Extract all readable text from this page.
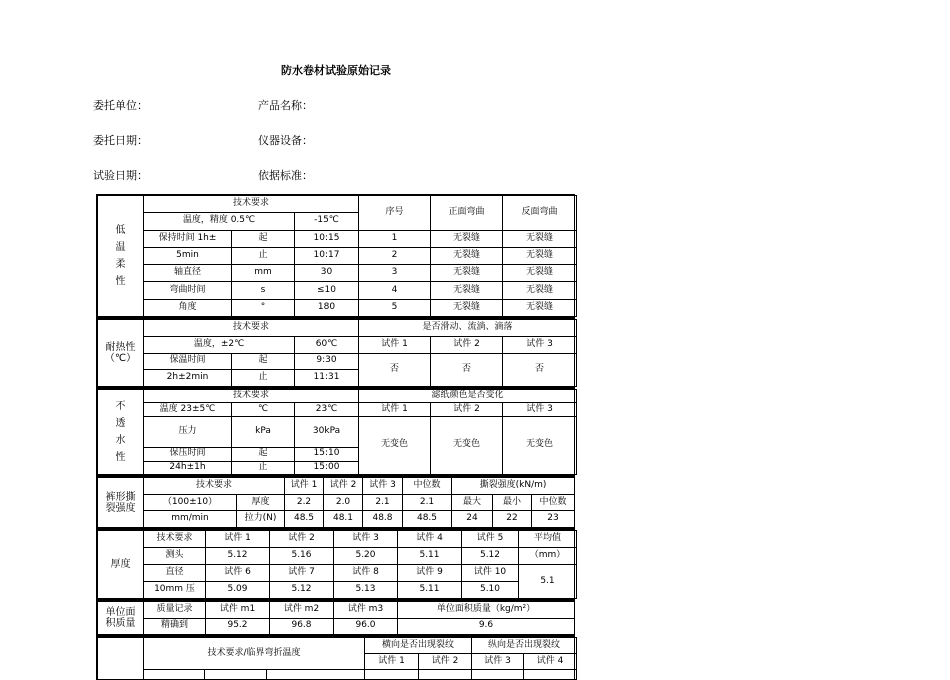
防水卷材试验原始记录
委托单位：	产品名称：
委托日期：	仪器设备：
试验日期：	依据标准：
低
温
柔
性	技术要求			序号	正面弯曲	反面弯曲
	温度，精度 0.5℃		-15℃			
	保持时间 1h±	起	10:15	1	无裂缝	无裂缝
	5min	止	10:17	2	无裂缝	无裂缝
	轴直径	mm	30	3	无裂缝	无裂缝
	弯曲时间	s	≤10	4	无裂缝	无裂缝
	角度	°	180	5	无裂缝	无裂缝
耐热性
（℃）	技术要求			是否滑动、流淌、滴落		
	温度，±2℃		60℃	试件 1	试件 2	试件 3
	保温时间	起	9:30	否	否	否
	2h±2min	止	11:31			
不
透
水
性	技术要求			滤纸颜色是否变化		
	温度 23±5℃	℃	23℃	试件 1	试件 2	试件 3
	压力	kPa	30kPa	无变色	无变色	无变色
	保压时间	起	15:10			
	24h±1h	止	15:00			
裤形撕
裂强度	技术要求		试件 1	试件 2	试件 3	中位数	撕裂强度(kN/m)		
	（100±10）	厚度	2.2	2.0	2.1	2.1	最大	最小	中位数
	mm/min	拉力(N)	48.5	48.1	48.8	48.5	24	22	23
厚度	技术要求	试件 1	试件 2	试件 3	试件 4	试件 5	平均值
	测头	5.12	5.16	5.20	5.11	5.12	（mm）
	直径	试件 6	试件 7	试件 8	试件 9	试件 10	5.1
	10mm 压	5.09	5.12	5.13	5.11	5.10	
单位面
积质量	质量记录	试件 m1	试件 m2	试件 m3	单位面积质量（kg/m²）
	精确到	95.2	96.8	96.0	9.6
	技术要求/临界弯折温度			横向是否出现裂纹		纵向是否出现裂纹	
				试件 1	试件 2	试件 3	试件 4
